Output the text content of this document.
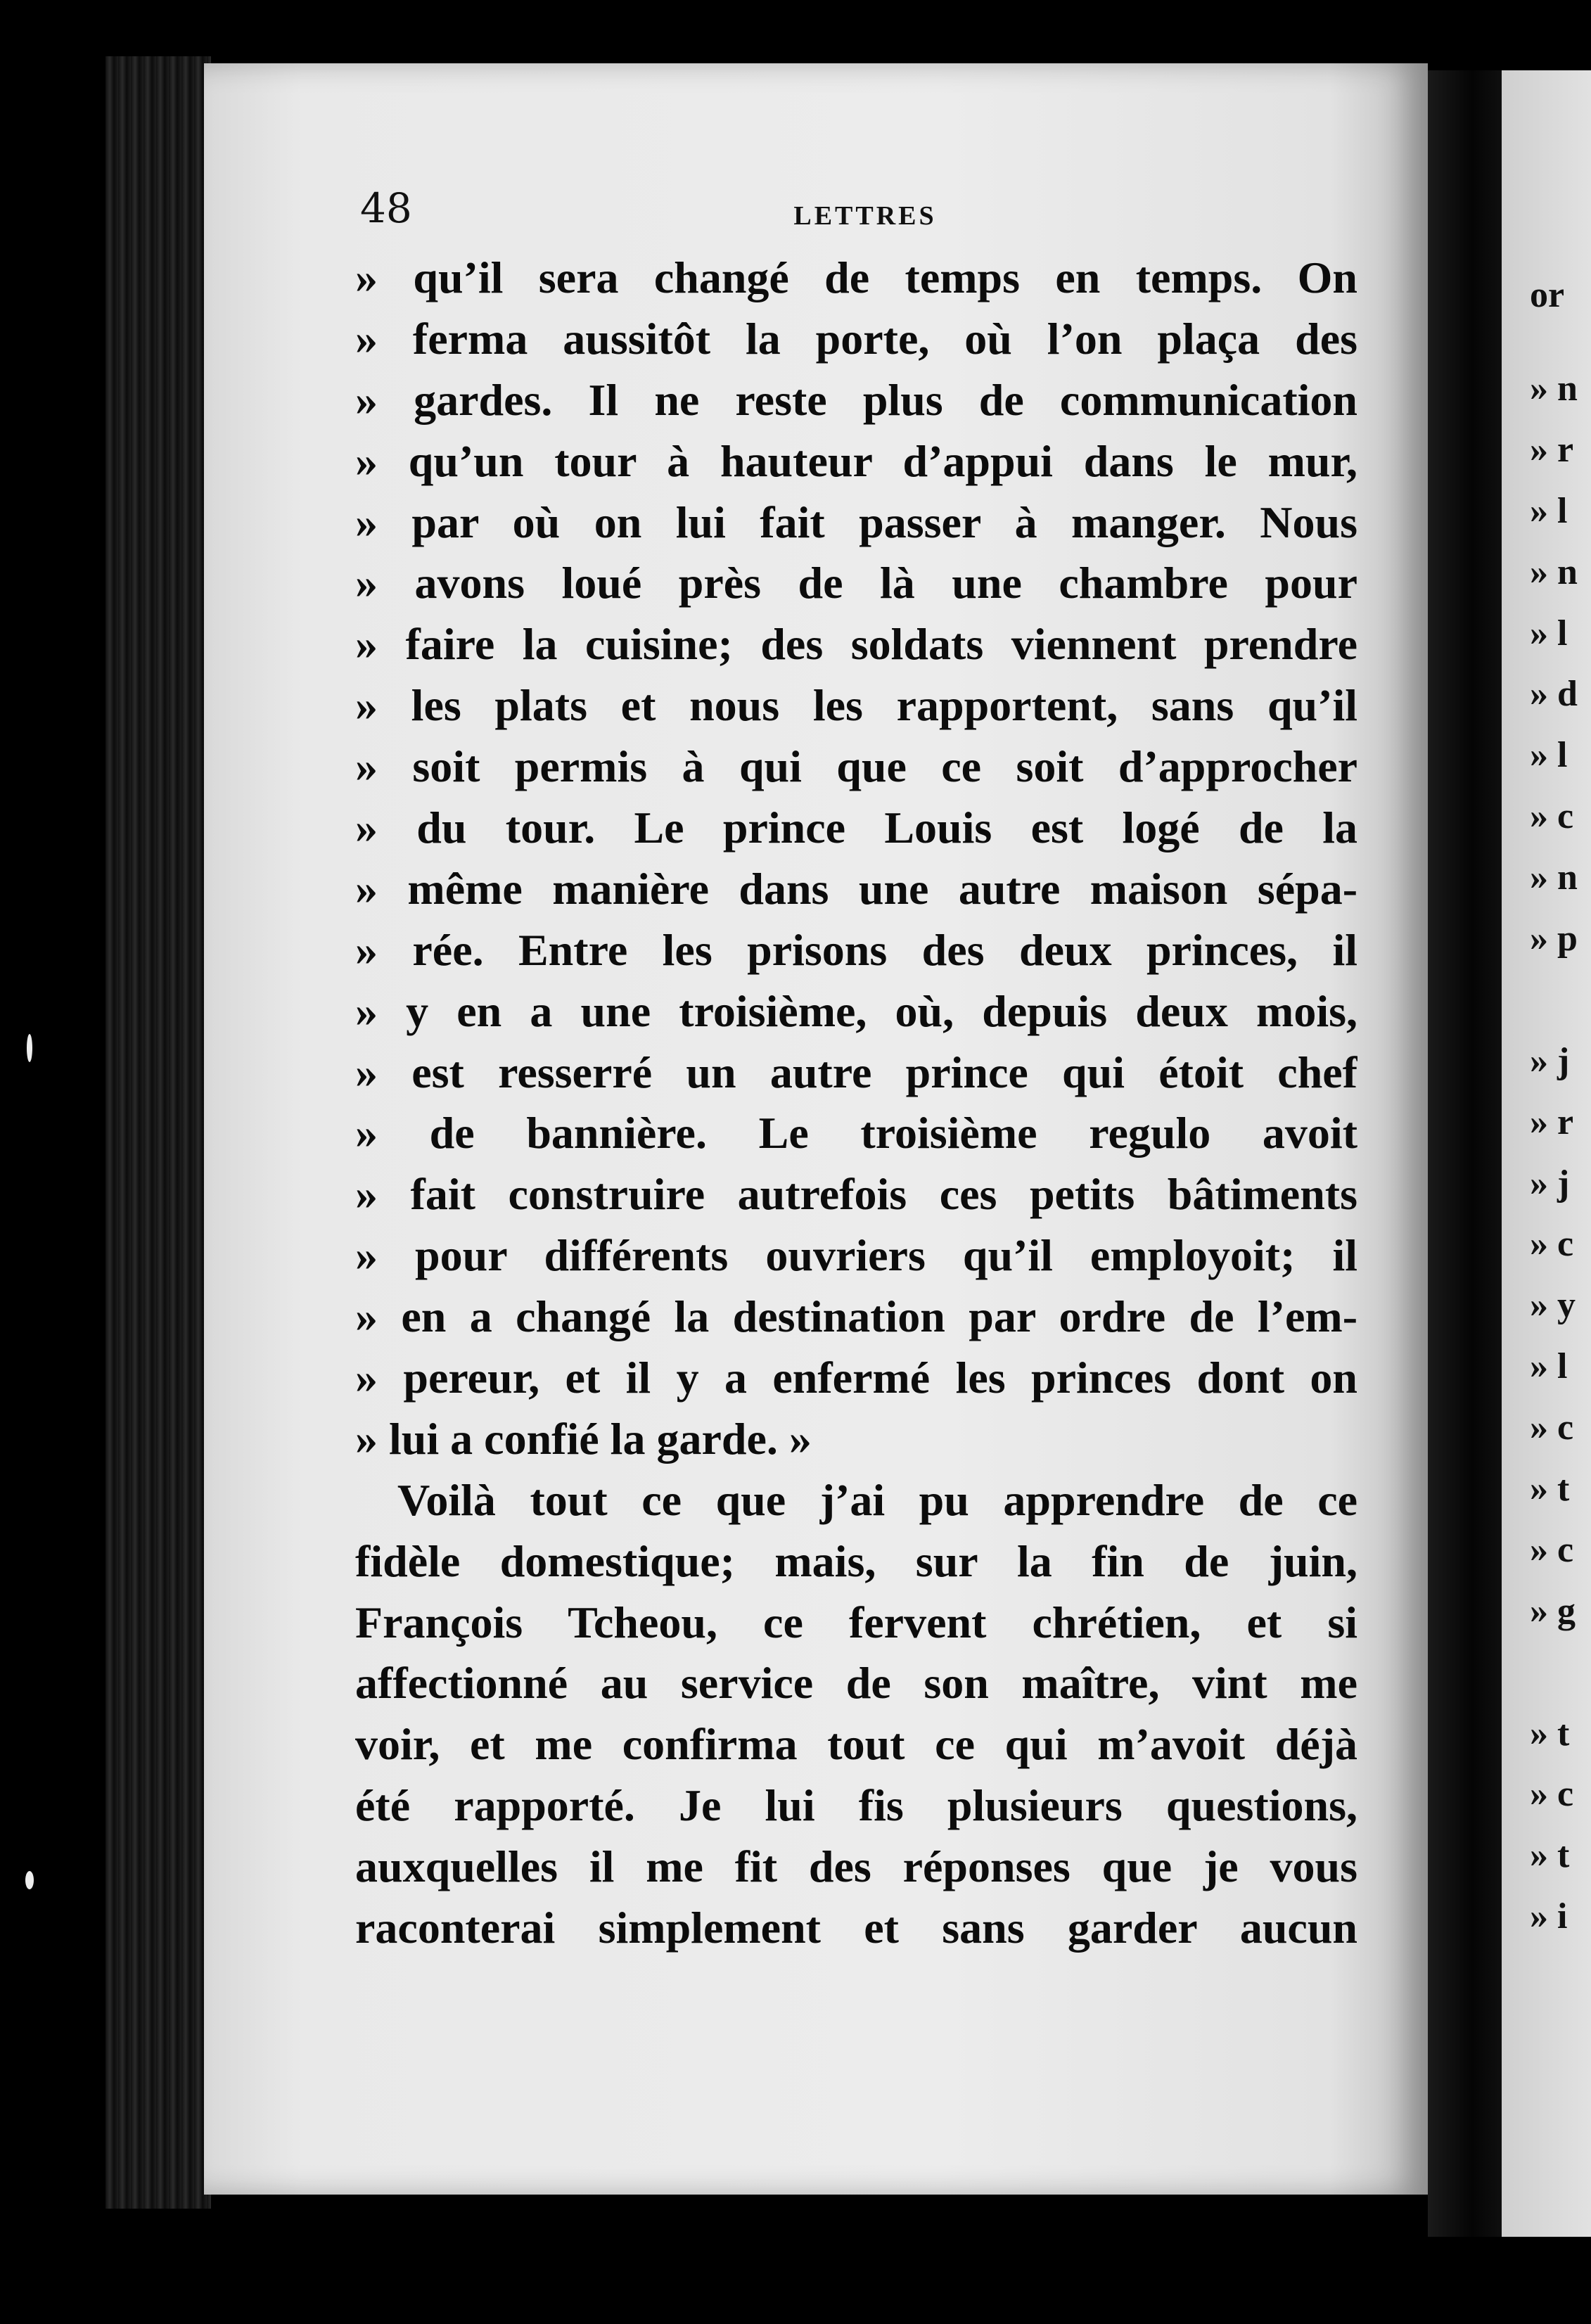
48	LETTRES
» qu’il sera changé de temps en temps. On
» ferma aussitôt la porte, où l’on plaça des
» gardes. Il ne reste plus de communication
» qu’un tour à hauteur d’appui dans le mur,
» par où on lui fait passer à manger. Nous
» avons loué près de là une chambre pour
» faire la cuisine; des soldats viennent prendre
» les plats et nous les rapportent, sans qu’il
» soit permis à qui que ce soit d’approcher
» du tour. Le prince Louis est logé de la
» même manière dans une autre maison sépa-
» rée. Entre les prisons des deux princes, il
» y en a une troisième, où, depuis deux mois,
» est resserré un autre prince qui étoit chef
» de bannière. Le troisième regulo avoit
» fait construire autrefois ces petits bâtiments
» pour différents ouvriers qu’il employoit; il
» en a changé la destination par ordre de l’em-
» pereur, et il y a enfermé les princes dont on
» lui a confié la garde. »
Voilà tout ce que j’ai pu apprendre de ce
fidèle domestique; mais, sur la fin de juin,
François Tcheou, ce fervent chrétien, et si
affectionné au service de son maître, vint me
voir, et me confirma tout ce qui m’avoit déjà
été rapporté. Je lui fis plusieurs questions,
auxquelles il me fit des réponses que je vous
raconterai simplement et sans garder aucun
or
» n
» r
» l
» n
» l
» d
» l
» c
» n
» p
» j
» r
» j
» c
» y
» l
» c
» t
» c
» g
» t
» c
» t
» i
